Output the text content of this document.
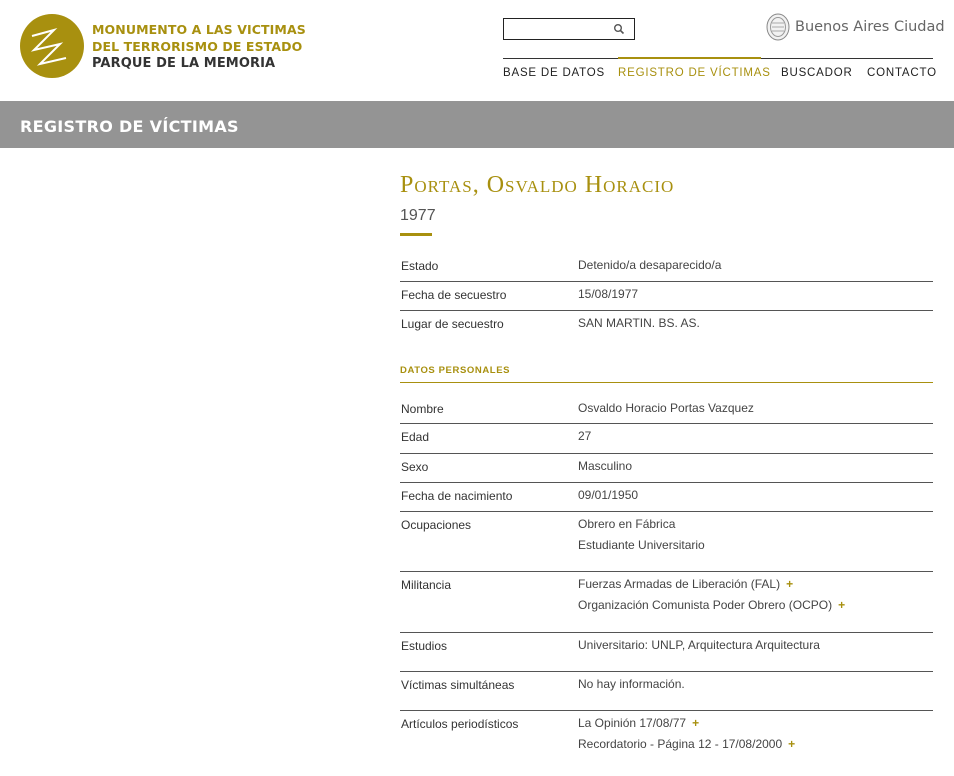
MONUMENTO A LAS VICTIMAS
DEL TERRORISMO DE ESTADO
PARQUE DE LA MEMORIA
Buenos Aires Ciudad
BASE DE DATOS REGISTRO DE VÍCTIMAS BUSCADOR CONTACTO
REGISTRO DE VÍCTIMAS
Portas, Osvaldo Horacio
1977
Estado	Detenido/a desaparecido/a
Fecha de secuestro	15/08/1977
Lugar de secuestro	SAN MARTIN. BS. AS.
DATOS PERSONALES
Nombre	Osvaldo Horacio Portas Vazquez
Edad	27
Sexo	Masculino
Fecha de nacimiento	09/01/1950
Ocupaciones	Obrero en Fábrica
Estudiante Universitario
Militancia	Fuerzas Armadas de Liberación (FAL) +
Organización Comunista Poder Obrero (OCPO) +
Estudios	Universitario: UNLP, Arquitectura Arquitectura
Víctimas simultáneas	No hay información.
Artículos periodísticos	La Opinión 17/08/77 +
Recordatorio - Página 12 - 17/08/2000 +
